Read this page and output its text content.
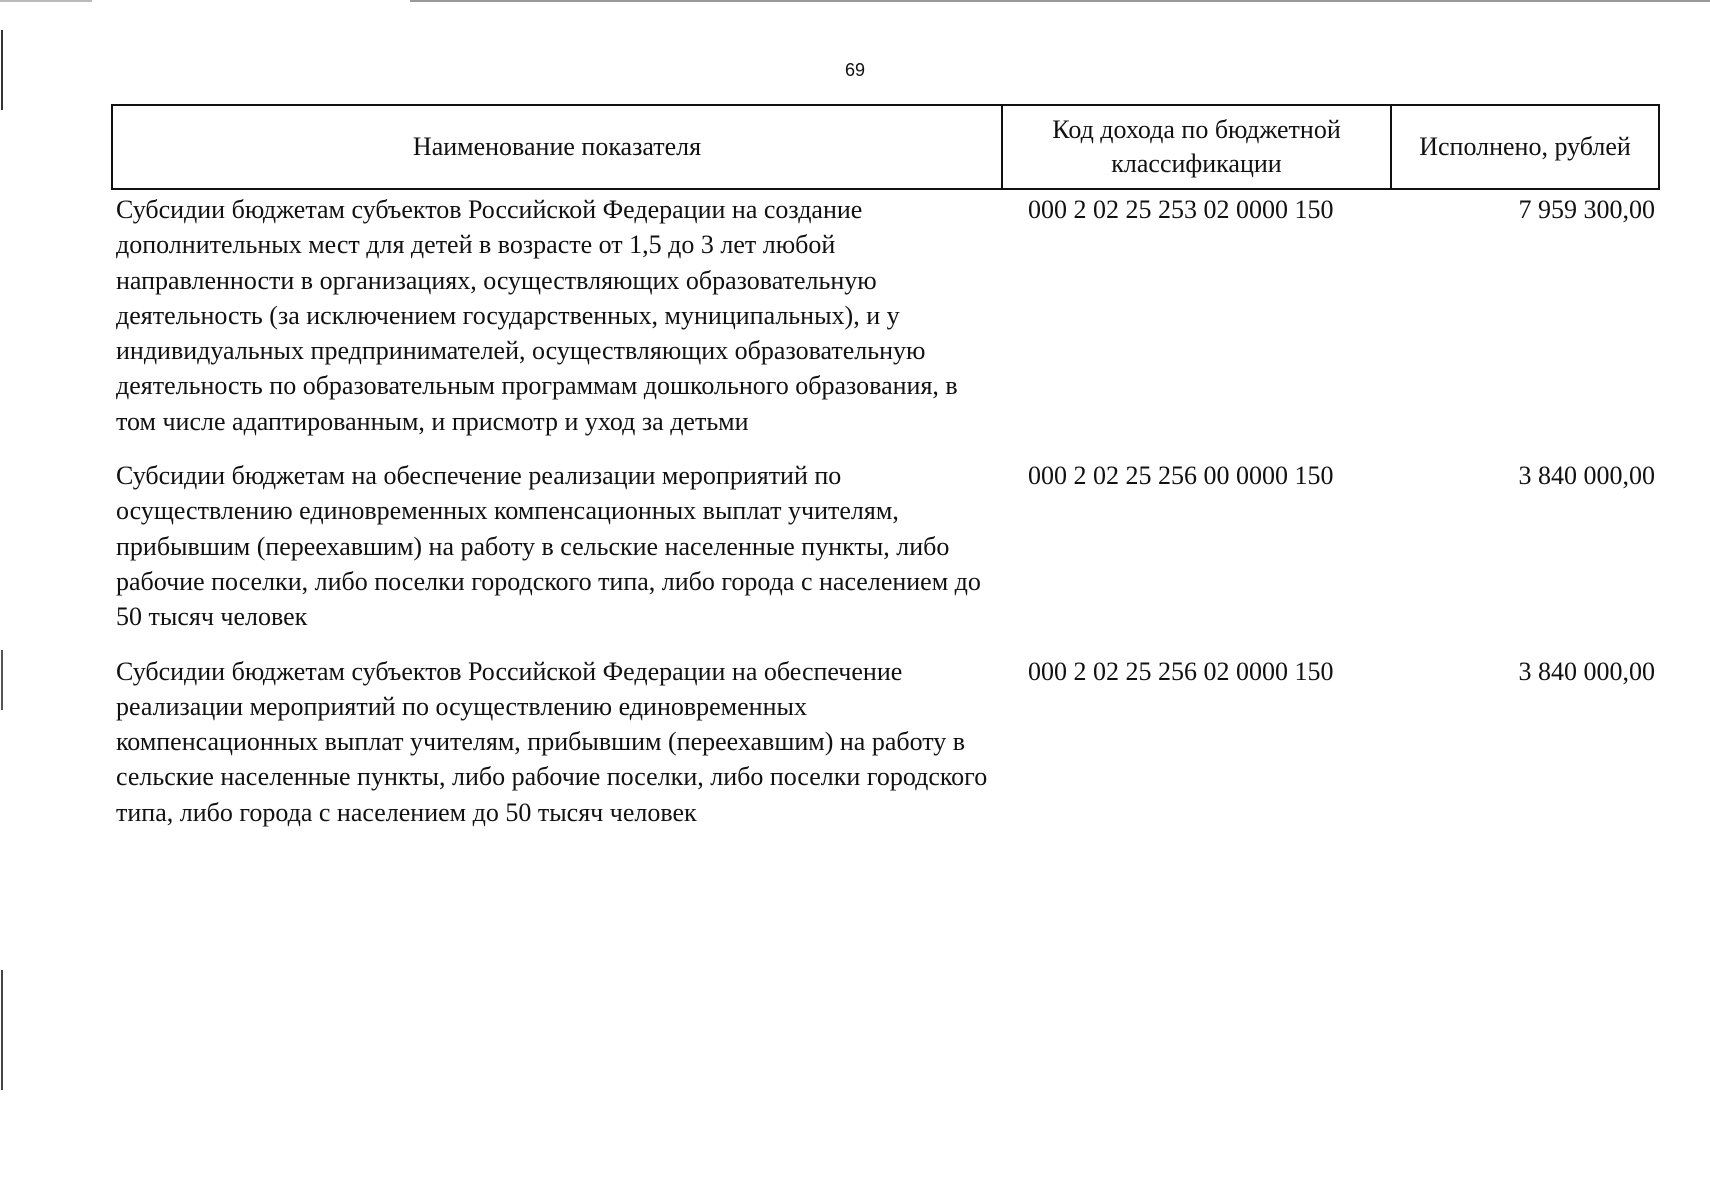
69
Наименование показателя	Код дохода по бюджетной классификации	Исполнено, рублей
Субсидии бюджетам субъектов Российской Федерации на создание дополнительных мест для детей в возрасте от 1,5 до 3 лет любой направленности в организациях, осуществляющих образовательную деятельность (за исключением государственных, муниципальных), и у индивидуальных предпринимателей, осуществляющих образовательную деятельность по образовательным программам дошкольного образования, в том числе адаптированным, и присмотр и уход за детьми	000 2 02 25 253 02 0000 150	7 959 300,00
Субсидии бюджетам на обеспечение реализации мероприятий по осуществлению единовременных компенсационных выплат учителям, прибывшим (переехавшим) на работу в сельские населенные пункты, либо рабочие поселки, либо поселки городского типа, либо города с населением до 50 тысяч человек	000 2 02 25 256 00 0000 150	3 840 000,00
Субсидии бюджетам субъектов Российской Федерации на обеспечение реализации мероприятий по осуществлению единовременных компенсационных выплат учителям, прибывшим (переехавшим) на работу в сельские населенные пункты, либо рабочие поселки, либо поселки городского типа, либо города с населением до 50 тысяч человек	000 2 02 25 256 02 0000 150	3 840 000,00
